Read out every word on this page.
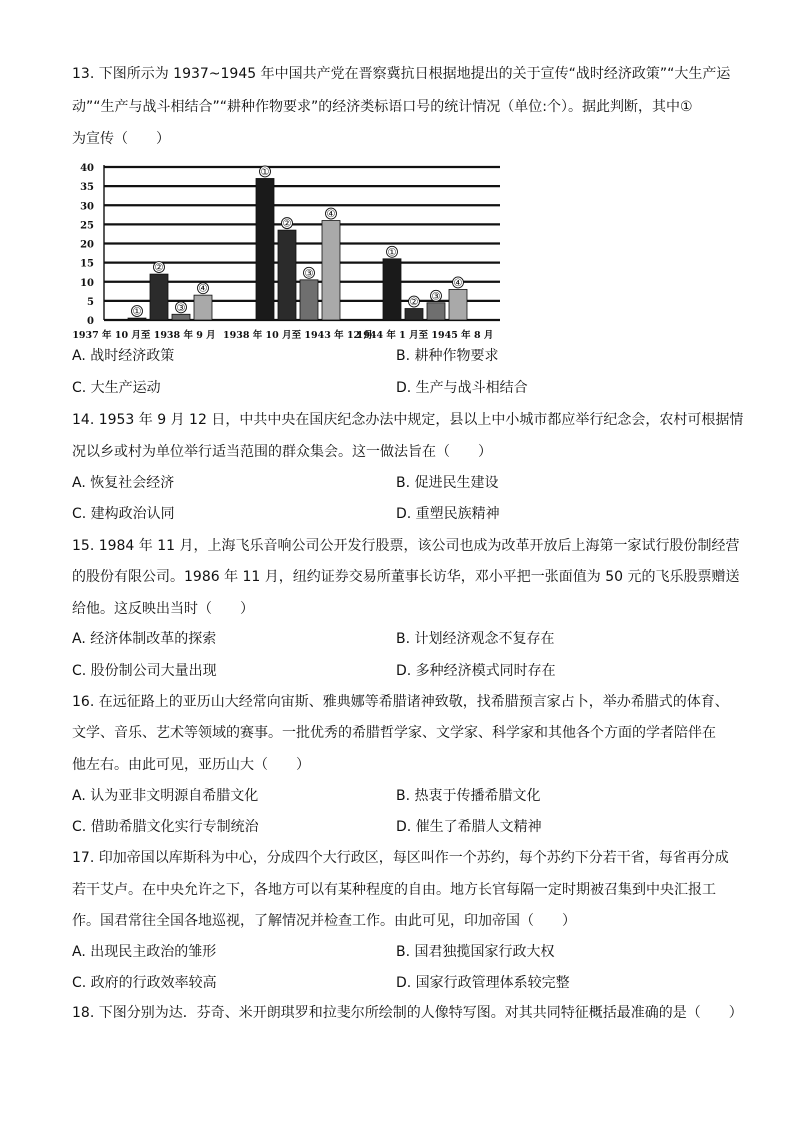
13. 下图所示为 1937~1945 年中国共产党在晋察冀抗日根据地提出的关于宣传“战时经济政策”“大生产运
动”“生产与战斗相结合”“耕种作物要求”的经济类标语口号的统计情况（单位:个）。据此判断，其中①
为宣传（　　）
A. 战时经济政策	B. 耕种作物要求
C. 大生产运动	D. 生产与战斗相结合
14. 1953 年 9 月 12 日，中共中央在国庆纪念办法中规定，县以上中小城市都应举行纪念会，农村可根据情
况以乡或村为单位举行适当范围的群众集会。这一做法旨在（　　）
A. 恢复社会经济	B. 促进民生建设
C. 建构政治认同	D. 重塑民族精神
15. 1984 年 11 月，上海飞乐音响公司公开发行股票，该公司也成为改革开放后上海第一家试行股份制经营
的股份有限公司。1986 年 11 月，纽约证券交易所董事长访华，邓小平把一张面值为 50 元的飞乐股票赠送
给他。这反映出当时（　　）
A. 经济体制改革的探索	B. 计划经济观念不复存在
C. 股份制公司大量出现	D. 多种经济模式同时存在
16. 在远征路上的亚历山大经常向宙斯、雅典娜等希腊诸神致敬，找希腊预言家占卜，举办希腊式的体育、
文学、音乐、艺术等领域的赛事。一批优秀的希腊哲学家、文学家、科学家和其他各个方面的学者陪伴在
他左右。由此可见，亚历山大（　　）
A. 认为亚非文明源自希腊文化	B. 热衷于传播希腊文化
C. 借助希腊文化实行专制统治	D. 催生了希腊人文精神
17. 印加帝国以库斯科为中心，分成四个大行政区，每区叫作一个苏约，每个苏约下分若干省，每省再分成
若干艾卢。在中央允许之下，各地方可以有某种程度的自由。地方长官每隔一定时期被召集到中央汇报工
作。国君常往全国各地巡视，了解情况并检查工作。由此可见，印加帝国（　　）
A. 出现民主政治的雏形	B. 国君独揽国家行政大权
C. 政府的行政效率较高	D. 国家行政管理体系较完整
18. 下图分别为达．芬奇、米开朗琪罗和拉斐尔所绘制的人像特写图。对其共同特征概括最准确的是（　　）
0
5
10
15
20
25
30
35
40
①
②
③
④
1937 年 10 月至 1938 年 9 月
①
②
③
④
1938 年 10 月至 1943 年 12 月
①
②
③
④
1944 年 1 月至 1945 年 8 月
